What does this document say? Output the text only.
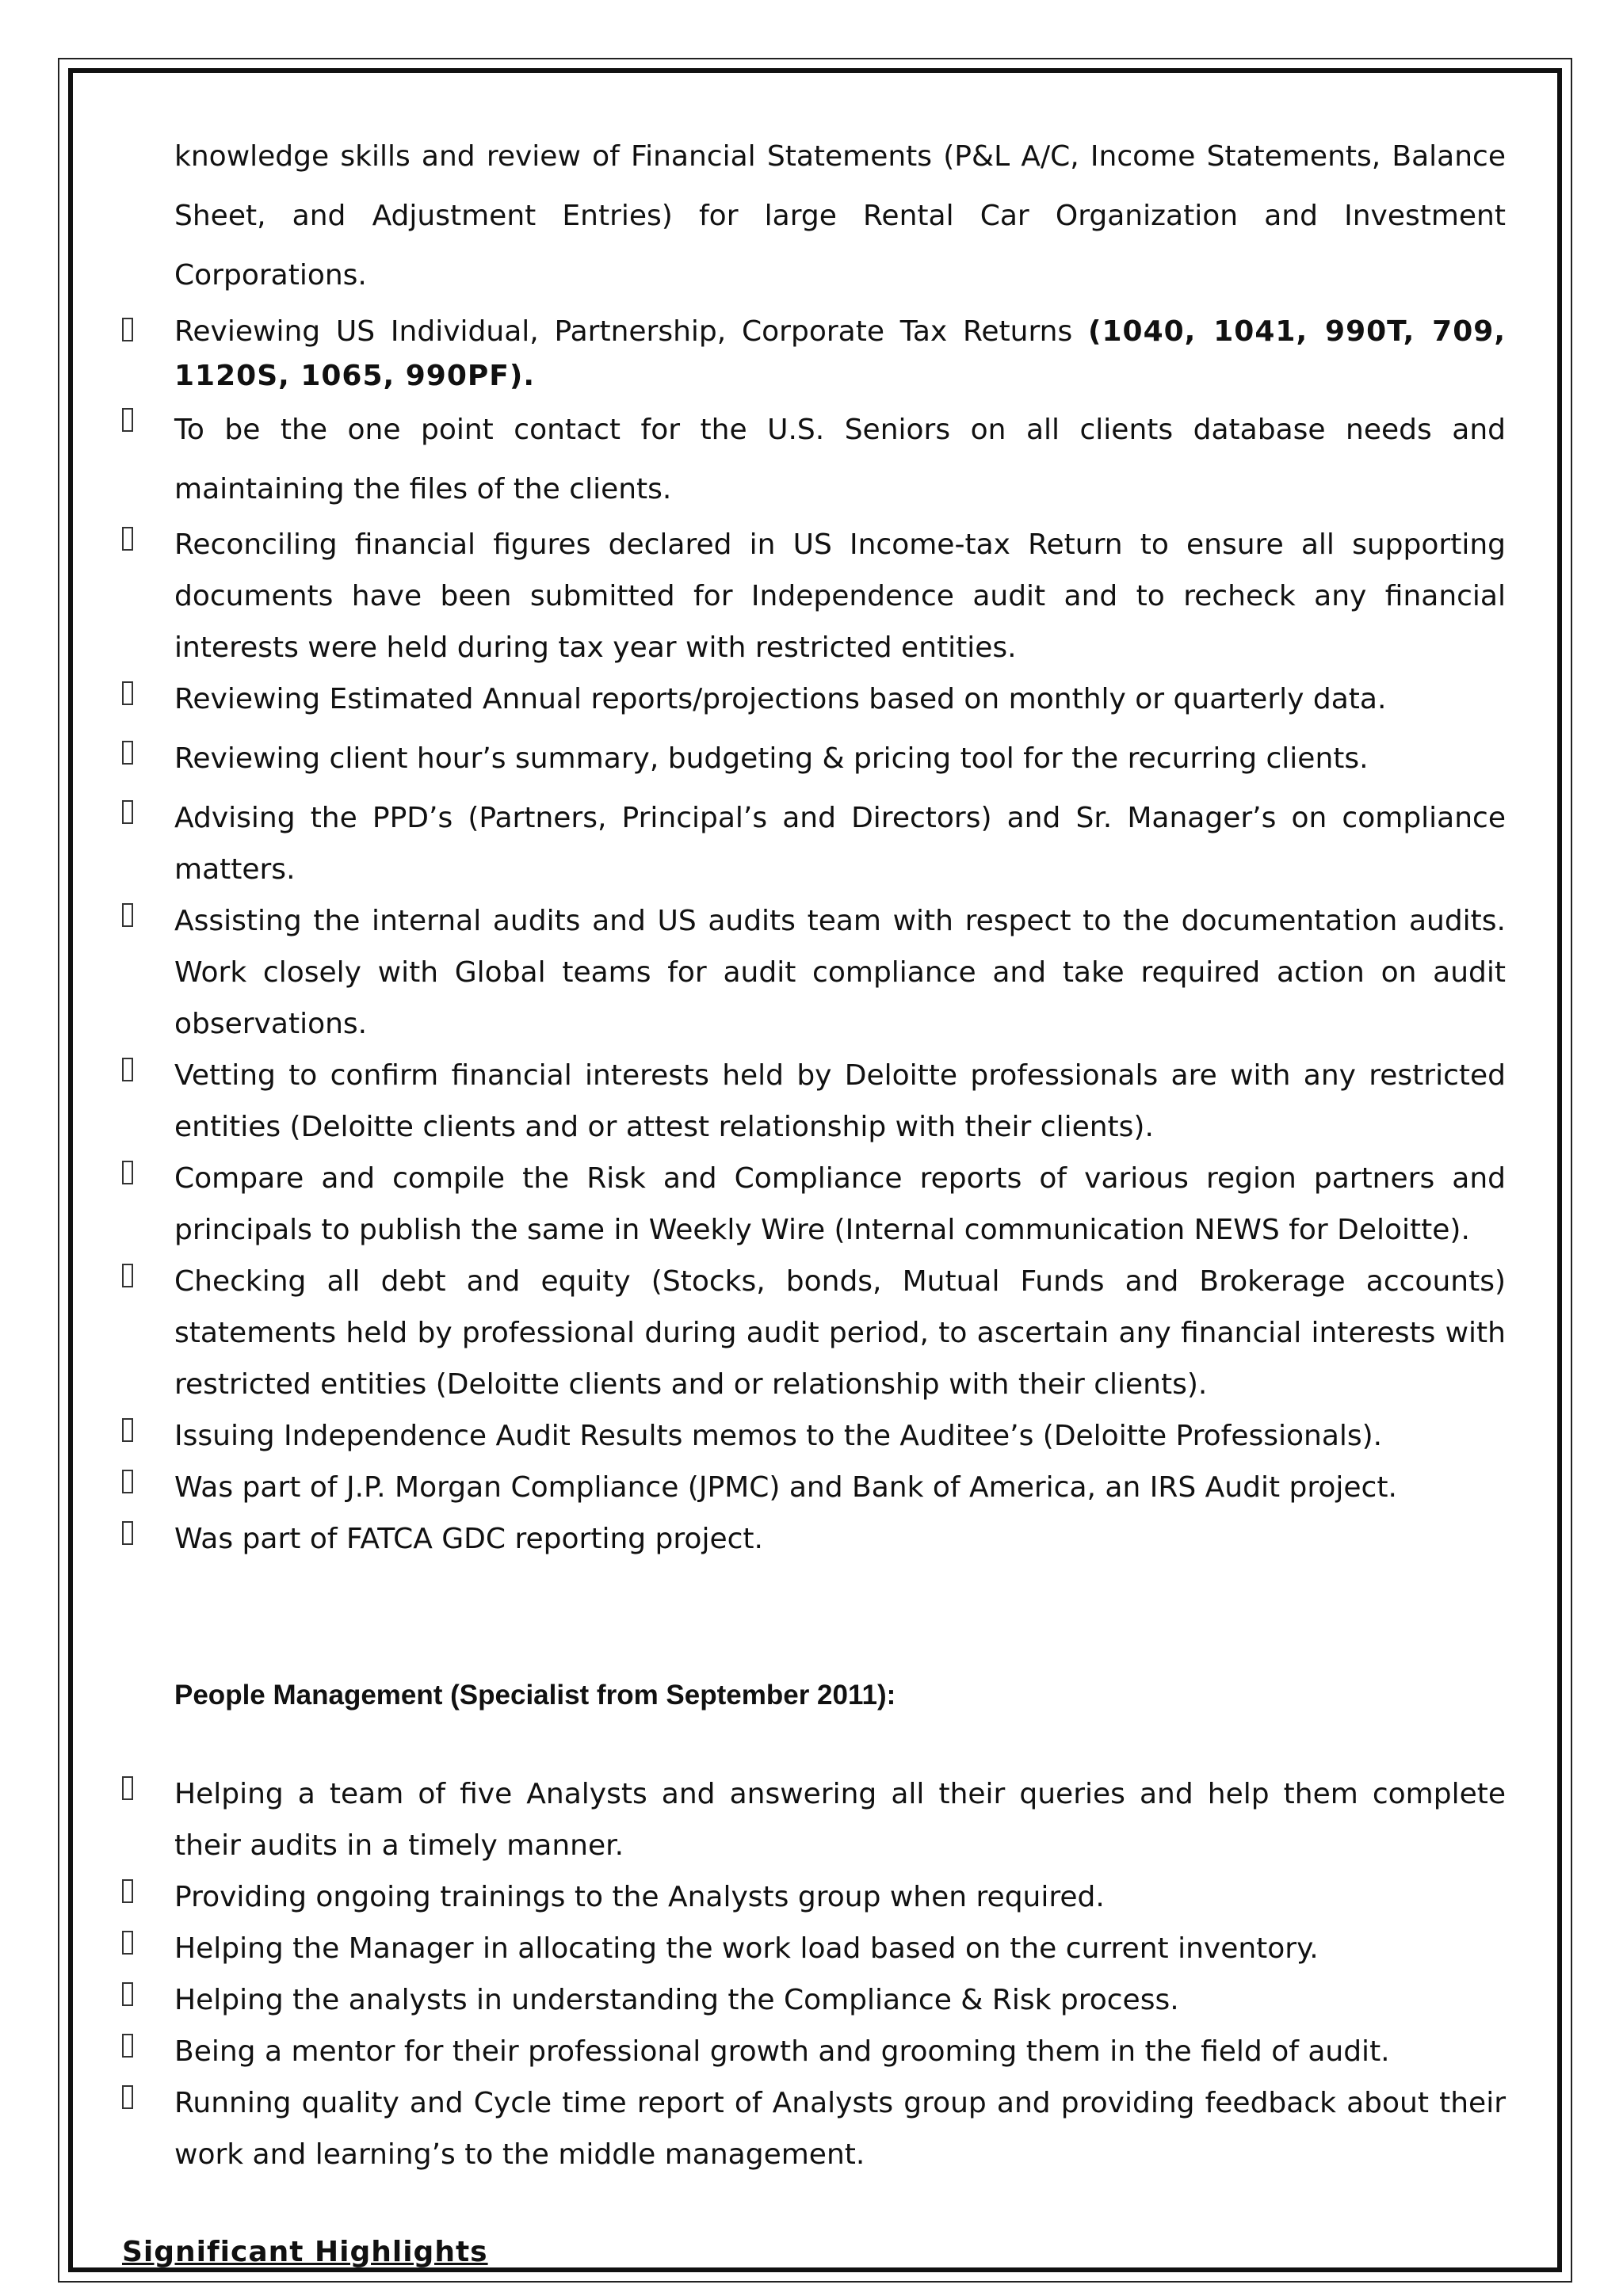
knowledge skills and review of Financial Statements (P&L A/C, Income Statements, Balance Sheet, and Adjustment Entries) for large Rental Car Organization and Investment Corporations.

Reviewing US Individual, Partnership, Corporate Tax Returns (1040, 1041, 990T, 709, 1120S, 1065, 990PF).
To be the one point contact for the U.S. Seniors on all clients database needs and maintaining the files of the clients.
Reconciling financial figures declared in US Income-tax Return to ensure all supporting documents have been submitted for Independence audit and to recheck any financial interests were held during tax year with restricted entities.
Reviewing Estimated Annual reports/projections based on monthly or quarterly data.
Reviewing client hour’s summary, budgeting & pricing tool for the recurring clients.
Advising the PPD’s (Partners, Principal’s and Directors) and Sr. Manager’s on compliance matters.
Assisting the internal audits and US audits team with respect to the documentation audits. Work closely with Global teams for audit compliance and take required action on audit observations.
Vetting to confirm financial interests held by Deloitte professionals are with any restricted entities (Deloitte clients and or attest relationship with their clients).
Compare and compile the Risk and Compliance reports of various region partners and principals to publish the same in Weekly Wire (Internal communication NEWS for Deloitte).
Checking all debt and equity (Stocks, bonds, Mutual Funds and Brokerage accounts) statements held by professional during audit period, to ascertain any financial interests with restricted entities (Deloitte clients and or relationship with their clients).
Issuing Independence Audit Results memos to the Auditee’s (Deloitte Professionals).
Was part of J.P. Morgan Compliance (JPMC) and Bank of America, an IRS Audit project.
Was part of FATCA GDC reporting project.

People Management (Specialist from September 2011):

Helping a team of five Analysts and answering all their queries and help them complete their audits in a timely manner.
Providing ongoing trainings to the Analysts group when required.
Helping the Manager in allocating the work load based on the current inventory.
Helping the analysts in understanding the Compliance & Risk process.
Being a mentor for their professional growth and grooming them in the field of audit.
Running quality and Cycle time report of Analysts group and providing feedback about their work and learning’s to the middle management.

Significant Highlights
